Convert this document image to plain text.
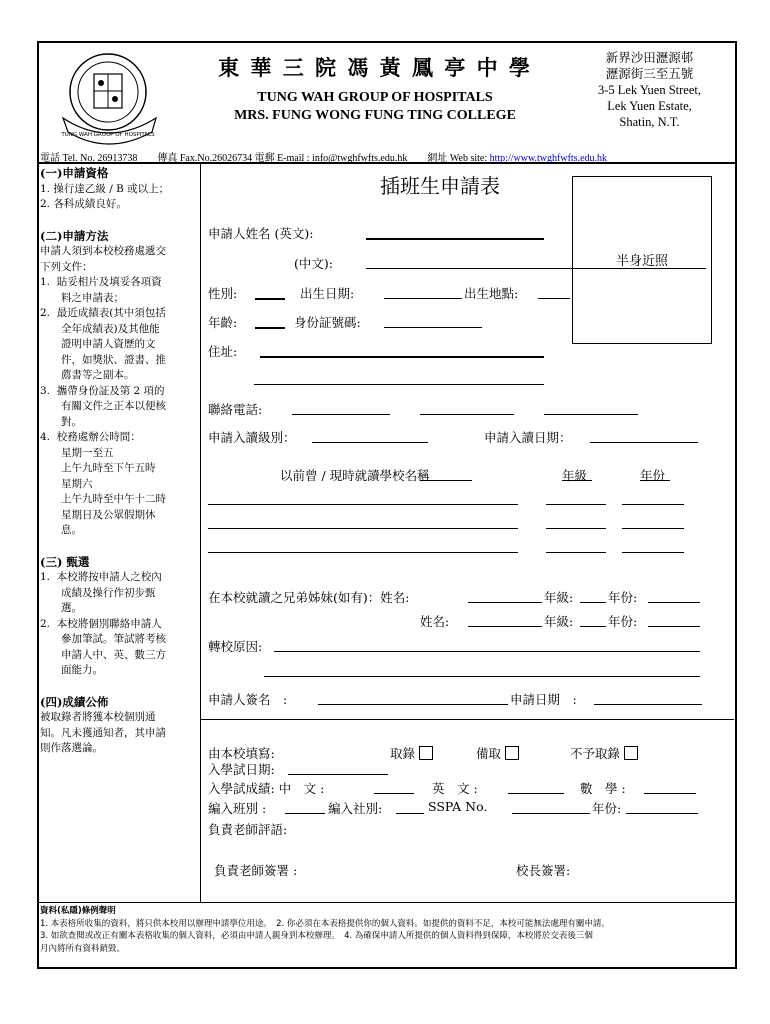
TUNG WAH GROUP OF HOSPITALS
東 華 三 院 馮 黃 鳳 亭 中 學
TUNG WAH GROUP OF HOSPITALS
MRS. FUNG WONG FUNG TING COLLEGE
新界沙田瀝源邨
瀝源街三至五號
3-5 Lek Yuen Street,
Lek Yuen Estate,
Shatin, N.T.
電話 Tel. No. 26913738　　傳真 Fax.No.26026734 電郵 E-mail : info@twghfwfts.edu.hk　　網址 Web site: http://www.twghfwfts.edu.hk
(一)申請資格
1. 操行達乙級 / B 或以上；
2. 各科成績良好。
(二)申請方法
申請人須到本校校務處遞交
下列文件：
1.  貼妥相片及填妥各項資
　　料之申請表；
2.  最近成績表(其中須包括
　　全年成績表)及其他能
　　證明申請人資歷的文
　　件，如獎狀、證書、推
　　薦書等之副本。
3.  攜帶身份証及第 2 項的
　　有關文件之正本以便核
　　對。
4.  校務處辦公時間：
　　星期一至五
　　上午九時至下午五時
　　星期六
　　上午九時至中午十二時
　　星期日及公眾假期休
　　息。
(三) 甄選
1.  本校將按申請人之校內
　　成績及操行作初步甄
　　選。
2.  本校將個別聯絡申請人
　　參加筆試。筆試將考核
　　申請人中、英、數三方
　　面能力。
(四)成績公佈
被取錄者將獲本校個別通
知。凡未獲通知者，其申請
則作落選論。
插班生申請表
半身近照
申請人姓名 (英文):
(中文):
性別:	出生日期:	出生地點:
年齡:	身份証號碼:
住址:
聯絡電話:
申請入讀級別：	申請入讀日期：
以前曾 / 現時就讀學校名稱	年級	年份
在本校就讀之兄弟姊妹(如有)：姓名:	年級:	年份:
姓名:	年級:	年份:
轉校原因:
申請人簽名　:	申請日期　:
由本校填寫:	取錄	備取	不予取錄
入學試日期:
入學試成績: 中　文 :	英　文 :	數　學 :
編入班別 :	編入社別:	SSPA No.	年份:
負責老師評語:
負責老師簽署 :	校長簽署:
資料(私隱)條例聲明
1. 本表格所收集的資料，將只供本校用以辦理申請學位用途。　2. 你必須在本表格提供你的個人資料。如提供的資料不足，本校可能無法處理有關申請。
3. 如欲查閱或改正有關本表格收集的個人資料，必須由申請人親身到本校辦理。　4. 為確保申請人所提供的個人資料得到保障，本校將於交表後三個
月內將所有資料銷毀。
